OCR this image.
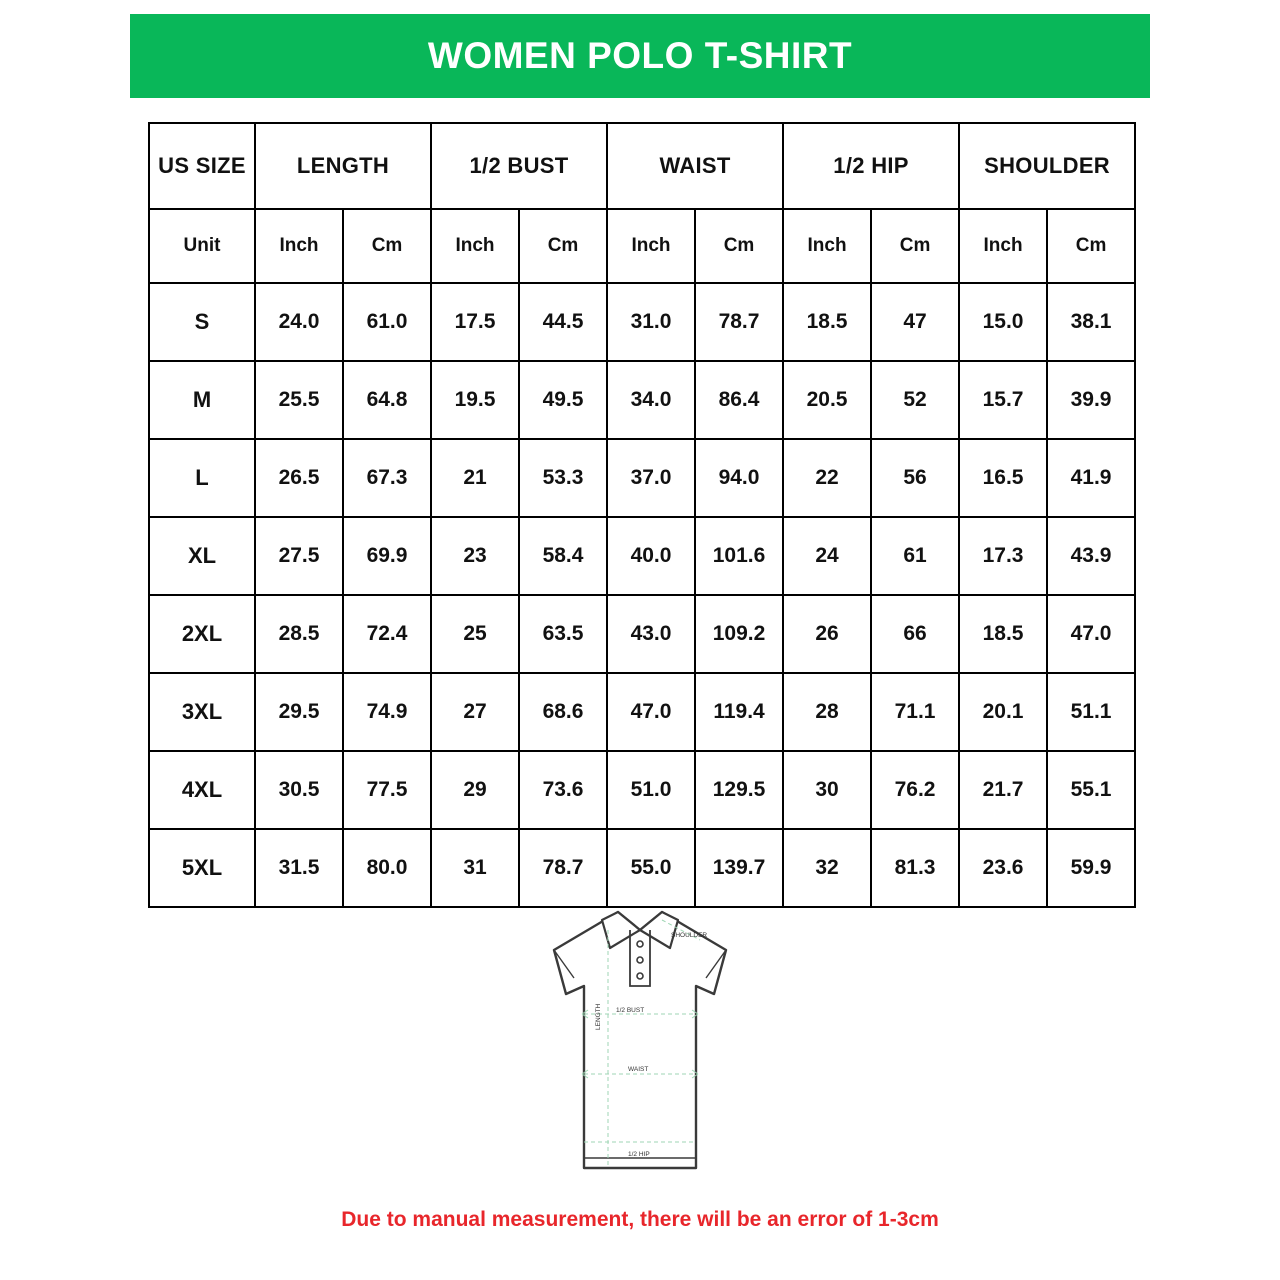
WOMEN POLO T-SHIRT
US SIZE	LENGTH		1/2 BUST		WAIST		1/2 HIP		SHOULDER	
Unit	Inch	Cm	Inch	Cm	Inch	Cm	Inch	Cm	Inch	Cm
S	24.0	61.0	17.5	44.5	31.0	78.7	18.5	47	15.0	38.1
M	25.5	64.8	19.5	49.5	34.0	86.4	20.5	52	15.7	39.9
L	26.5	67.3	21	53.3	37.0	94.0	22	56	16.5	41.9
XL	27.5	69.9	23	58.4	40.0	101.6	24	61	17.3	43.9
2XL	28.5	72.4	25	63.5	43.0	109.2	26	66	18.5	47.0
3XL	29.5	74.9	27	68.6	47.0	119.4	28	71.1	20.1	51.1
4XL	30.5	77.5	29	73.6	51.0	129.5	30	76.2	21.7	55.1
5XL	31.5	80.0	31	78.7	55.0	139.7	32	81.3	23.6	59.9
SHOULDER
LENGTH 1/2 BUST
WAIST
1/2 HIP
Due to manual measurement, there will be an error of 1-3cm
